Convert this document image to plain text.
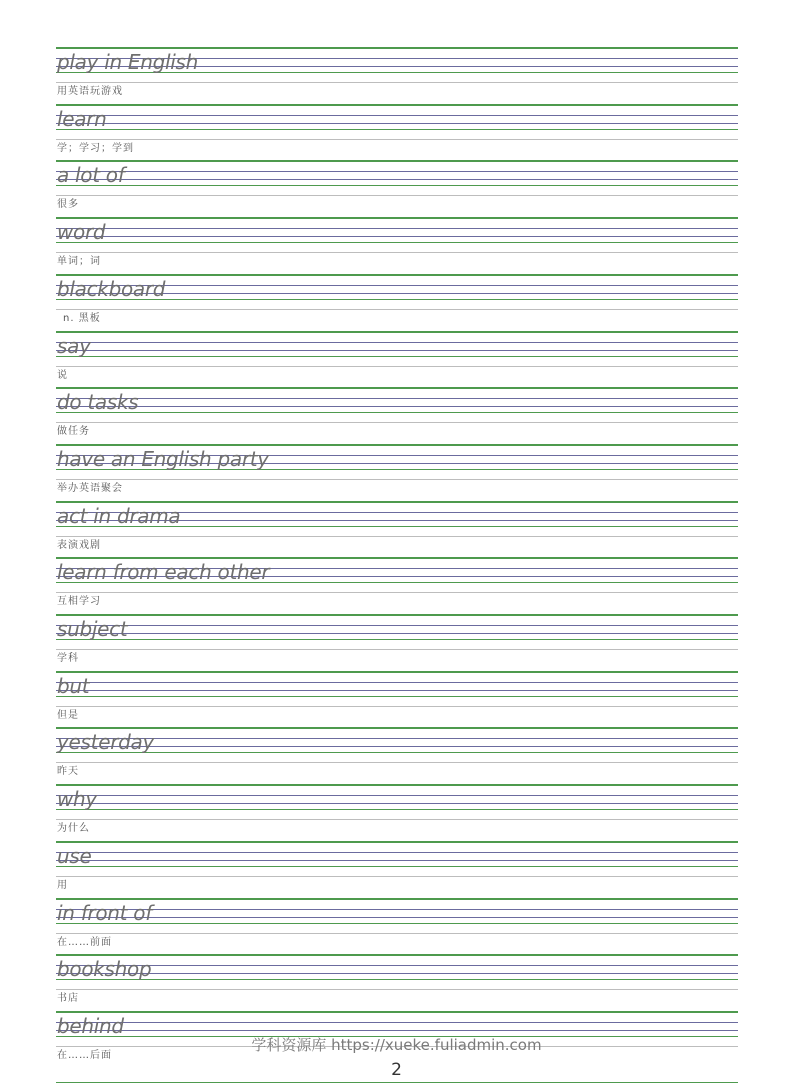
play in English
用英语玩游戏
learn
学；学习；学到
a lot of
很多
word
单词；词
blackboard
n. 黑板
say
说
do tasks
做任务
have an English party
举办英语聚会
act in drama
表演戏剧
learn from each other
互相学习
subject
学科
but
但是
yesterday
昨天
why
为什么
use
用
in front of
在……前面
bookshop
书店
behind
在……后面
学科资源库 https://xueke.fuliadmin.com
2
